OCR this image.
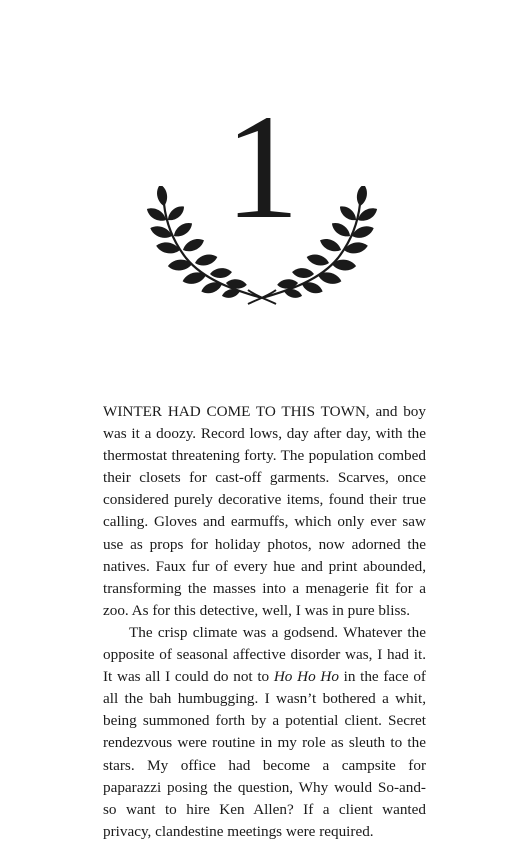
1

WINTER HAD COME TO THIS TOWN, and boy was it a doozy. Record lows, day after day, with the thermostat threatening forty. The population combed their closets for cast-off garments. Scarves, once considered purely decorative items, found their true calling. Gloves and earmuffs, which only ever saw use as props for holiday photos, now adorned the natives. Faux fur of every hue and print abounded, transforming the masses into a menagerie fit for a zoo. As for this detective, well, I was in pure bliss.

The crisp climate was a godsend. Whatever the opposite of seasonal affective disorder was, I had it. It was all I could do not to Ho Ho Ho in the face of all the bah humbugging. I wasn’t bothered a whit, being summoned forth by a potential client. Secret rendezvous were routine in my role as sleuth to the stars. My office had become a campsite for paparazzi posing the question, Why would So-and-so want to hire Ken Allen? If a client wanted privacy, clandestine meetings were required.
